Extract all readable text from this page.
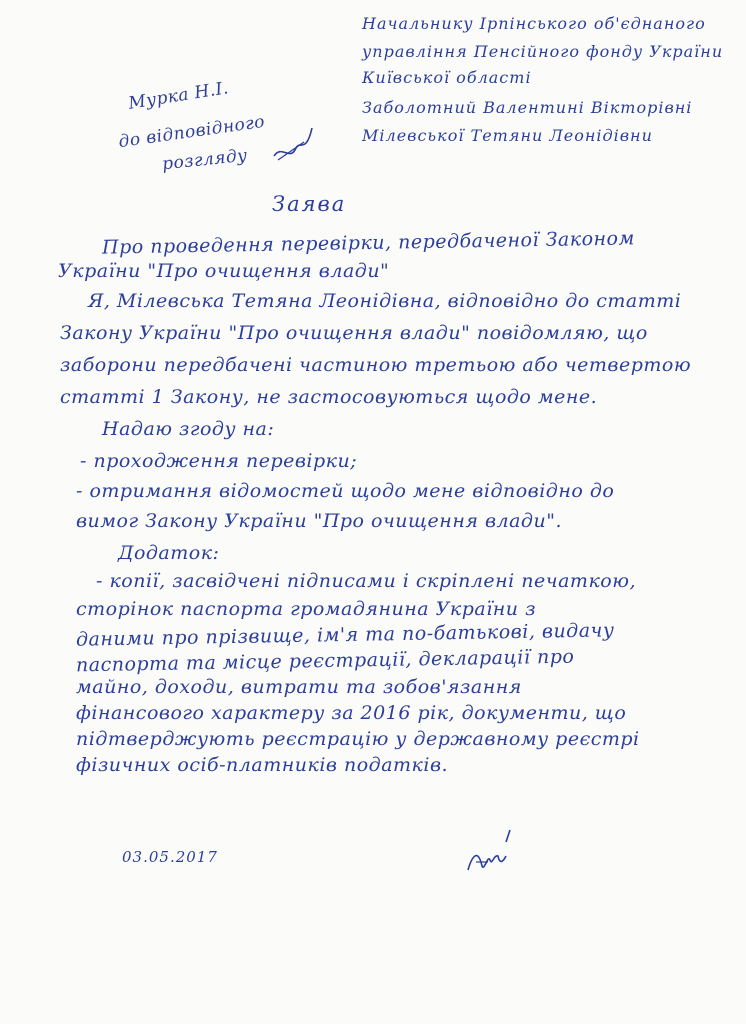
Начальнику Ірпінського об'єднаного
управління Пенсійного фонду України
Київської області
Заболотний Валентині Вікторівні
Мілевської Тетяни Леонідівни
Мурка Н.І.
до відповідного
розгляду
Заява
Про проведення перевірки, передбаченої Законом
України "Про очищення влади"
Я, Мілевська Тетяна Леонідівна, відповідно до статті
Закону України "Про очищення влади" повідомляю, що
заборони передбачені частиною третьою або четвертою
статті 1 Закону, не застосовуються щодо мене.
Надаю згоду на:
- проходження перевірки;
- отримання відомостей щодо мене відповідно до
вимог Закону України "Про очищення влади".
Додаток:
- копії, засвідчені підписами і скріплені печаткою,
сторінок паспорта громадянина України з
даними про прізвище, ім'я та по-батькові, видачу
паспорта та місце реєстрації, декларації про
майно, доходи, витрати та зобов'язання
фінансового характеру за 2016 рік, документи, що
підтверджують реєстрацію у державному реєстрі
фізичних осіб-платників податків.
03.05.2017
